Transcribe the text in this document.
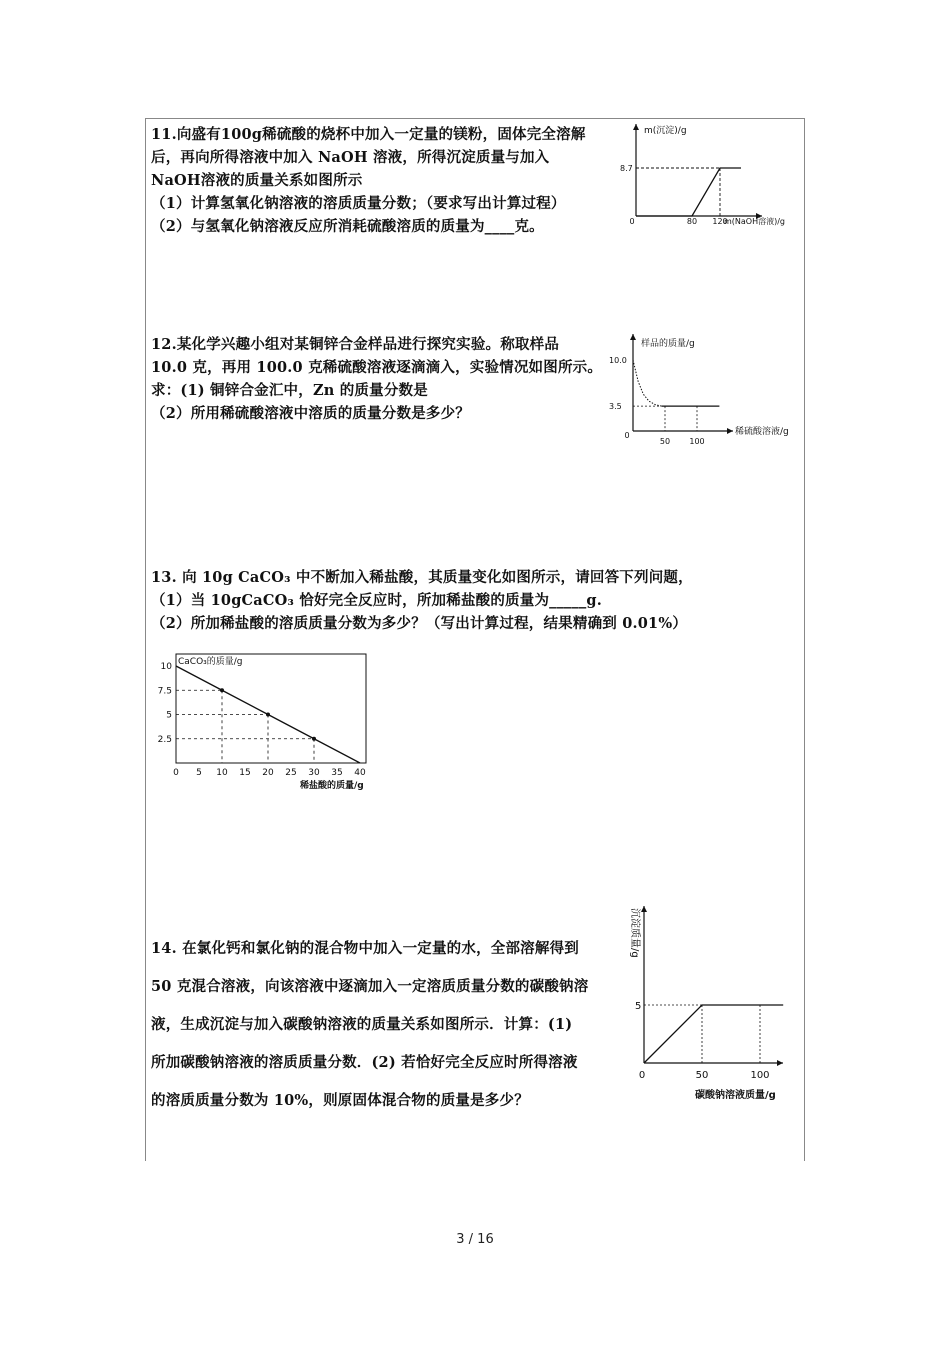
11.向盛有100g稀硫酸的烧杯中加入一定量的镁粉，固体完全溶解
后，再向所得溶液中加入 NaOH 溶液，所得沉淀质量与加入
NaOH溶液的质量关系如图所示
（1）计算氢氧化钠溶液的溶质质量分数；（要求写出计算过程）
（2）与氢氧化钠溶液反应所消耗硫酸溶质的质量为____克。
12.某化学兴趣小组对某铜锌合金样品进行探究实验。称取样品
10.0 克，再用 100.0 克稀硫酸溶液逐滴滴入，实验情况如图所示。
求：(1) 铜锌合金汇中，Zn 的质量分数是
（2）所用稀硫酸溶液中溶质的质量分数是多少？
13. 向 10g CaCO₃ 中不断加入稀盐酸，其质量变化如图所示，请回答下列问题，
（1）当 10gCaCO₃ 恰好完全反应时，所加稀盐酸的质量为_____g.
（2）所加稀盐酸的溶质质量分数为多少？（写出计算过程，结果精确到 0.01%）
14. 在氯化钙和氯化钠的混合物中加入一定量的水，全部溶解得到
50 克混合溶液，向该溶液中逐滴加入一定溶质质量分数的碳酸钠溶
液，生成沉淀与加入碳酸钠溶液的质量关系如图所示．计算：(1)
所加碳酸钠溶液的溶质质量分数．(2) 若恰好完全反应时所得溶液
的溶质质量分数为 10%，则原固体混合物的质量是多少？
m(沉淀)/g
m(NaOH溶液)/g
0	80 120
8.7
样品的质量/g
稀硫酸溶液/g
0
50 100
10.0
3.5
CaCO₃的质量/g
稀盐酸的质量/g
0 5 10 15 20 25 30 35 40
10
7.5
5
2.5
沉淀质量/g
碳酸钠溶液质量/g
0	50	100
5
3 / 16
